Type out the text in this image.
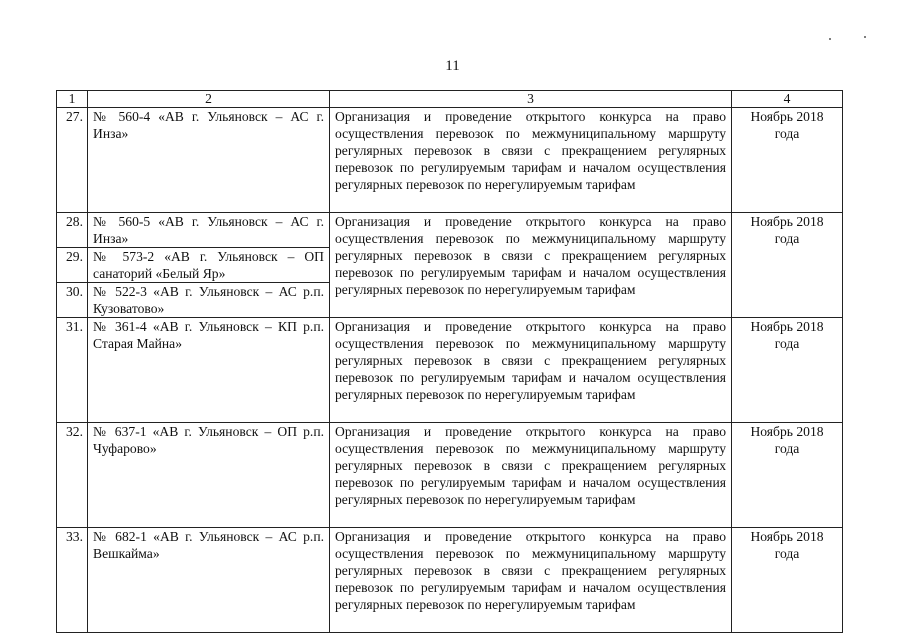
11
1	2	3	4
27.	№ 560-4 «АВ г. Ульяновск – АС г. Инза»	Организация и проведение открытого конкурса на право осуществления перевозок по межмуниципальному маршруту регулярных перевозок в связи с прекращением регулярных перевозок по регулируемым тарифам и началом осуществления регулярных перевозок по нерегулируемым тарифам	Ноябрь 2018 года
28.	№ 560-5 «АВ г. Ульяновск – АС г. Инза»	Организация и проведение открытого конкурса на право осуществления перевозок по межмуниципальному маршруту регулярных перевозок в связи с прекращением регулярных перевозок по регулируемым тарифам и началом осуществления регулярных перевозок по нерегулируемым тарифам	Ноябрь 2018 года
29.	№ 573-2 «АВ г. Ульяновск – ОП санаторий «Белый Яр»		
30.	№ 522-3 «АВ г. Ульяновск – АС р.п. Кузоватово»		
31.	№ 361-4 «АВ г. Ульяновск – КП р.п. Старая Майна»	Организация и проведение открытого конкурса на право осуществления перевозок по межмуниципальному маршруту регулярных перевозок в связи с прекращением регулярных перевозок по регулируемым тарифам и началом осуществления регулярных перевозок по нерегулируемым тарифам	Ноябрь 2018 года
32.	№ 637-1 «АВ г. Ульяновск – ОП р.п. Чуфарово»	Организация и проведение открытого конкурса на право осуществления перевозок по межмуниципальному маршруту регулярных перевозок в связи с прекращением регулярных перевозок по регулируемым тарифам и началом осуществления регулярных перевозок по нерегулируемым тарифам	Ноябрь 2018 года
33.	№ 682-1 «АВ г. Ульяновск – АС р.п. Вешкайма»	Организация и проведение открытого конкурса на право осуществления перевозок по межмуниципальному маршруту регулярных перевозок в связи с прекращением регулярных перевозок по регулируемым тарифам и началом осуществления регулярных перевозок по нерегулируемым тарифам	Ноябрь 2018 года
